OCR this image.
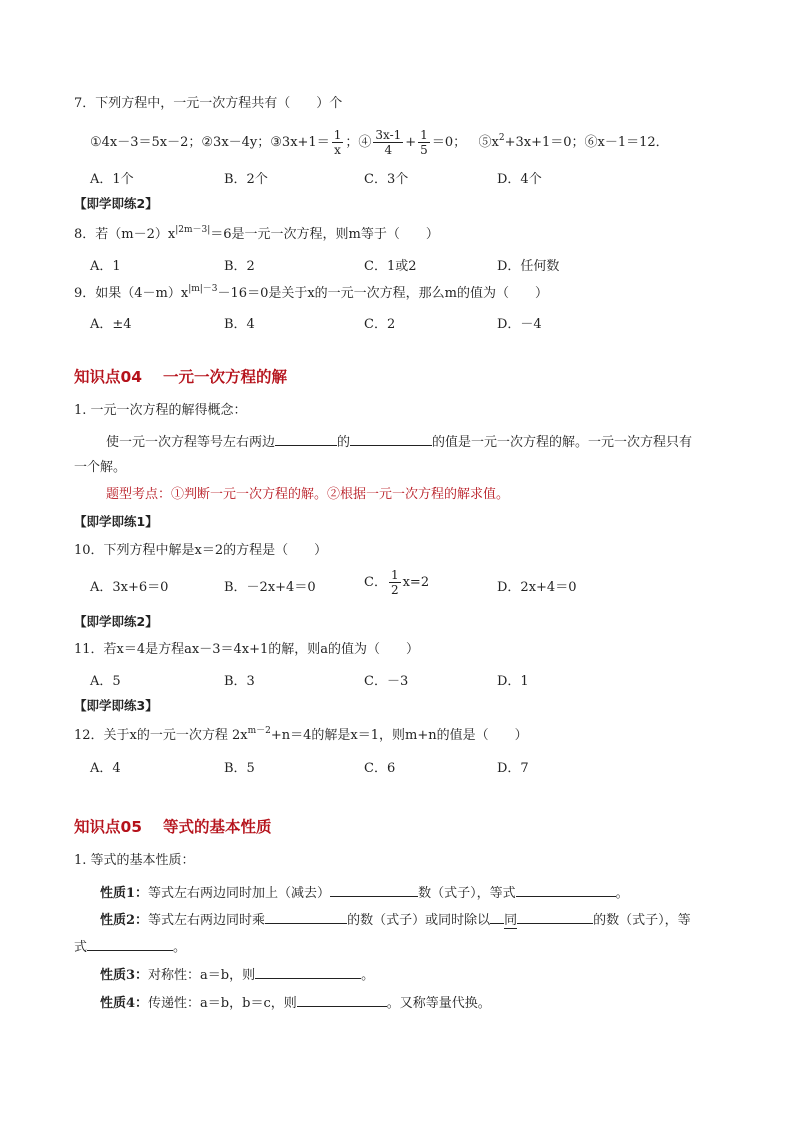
7．下列方程中，一元一次方程共有（　　）个
①4x－3＝5x－2；②3x－4y；③3x+1＝ $\frac{1}{x}$ ；④ $\frac{3x-1}{4} + \frac{1}{5} =0$； $⑤x^2+3x+1=0$；⑥x－1＝12．
A．1个	B．2个	C．3个	D．4个
【即学即练2】
8．若$(m-2)x^{|2m-3|}=6$是一元一次方程，则m等于（　　）
A．1	B．2	C．1或2	D．任何数
9．如果$(4-m)x^{|m|-3}-16=0$是关于x的一元一次方程，那么m的值为（　　）
A．±4	B．4	C．2	D．－4
知识点04　 一元一次方程的解
1. 一元一次方程的解得概念：
使一元一次方程等号左右两边	的	的值是一元一次方程的解。一元一次方程只有
一个解。
题型考点：①判断一元一次方程的解。②根据一元一次方程的解求值。
【即学即练1】
10．下列方程中解是x＝2的方程是（　　）
A．3x+6＝0	B．－2x+4＝0	C． $\frac{1}{2} x=2$	D．2x+4＝0
【即学即练2】
11．若x＝4是方程ax－3＝4x+1的解，则a的值为（　　）
A．5	B．3	C．－3	D．1
【即学即练3】
12．关于x的一元一次方程 $2x^{m-2}+n=4$的解是x＝1，则m+n的值是（　　）
A．4	B．5	C．6	D．7
知识点05　 等式的基本性质
1. 等式的基本性质：
性质1：等式左右两边同时加上（减去）	数（式子），等式	。
性质2：等式左右两边同时乘	的数（式子）或同时除以 同	的数（式子），等
式	。
性质3：对称性：a＝b，则	。
性质4：传递性：a＝b，b＝c，则	。又称等量代换。
